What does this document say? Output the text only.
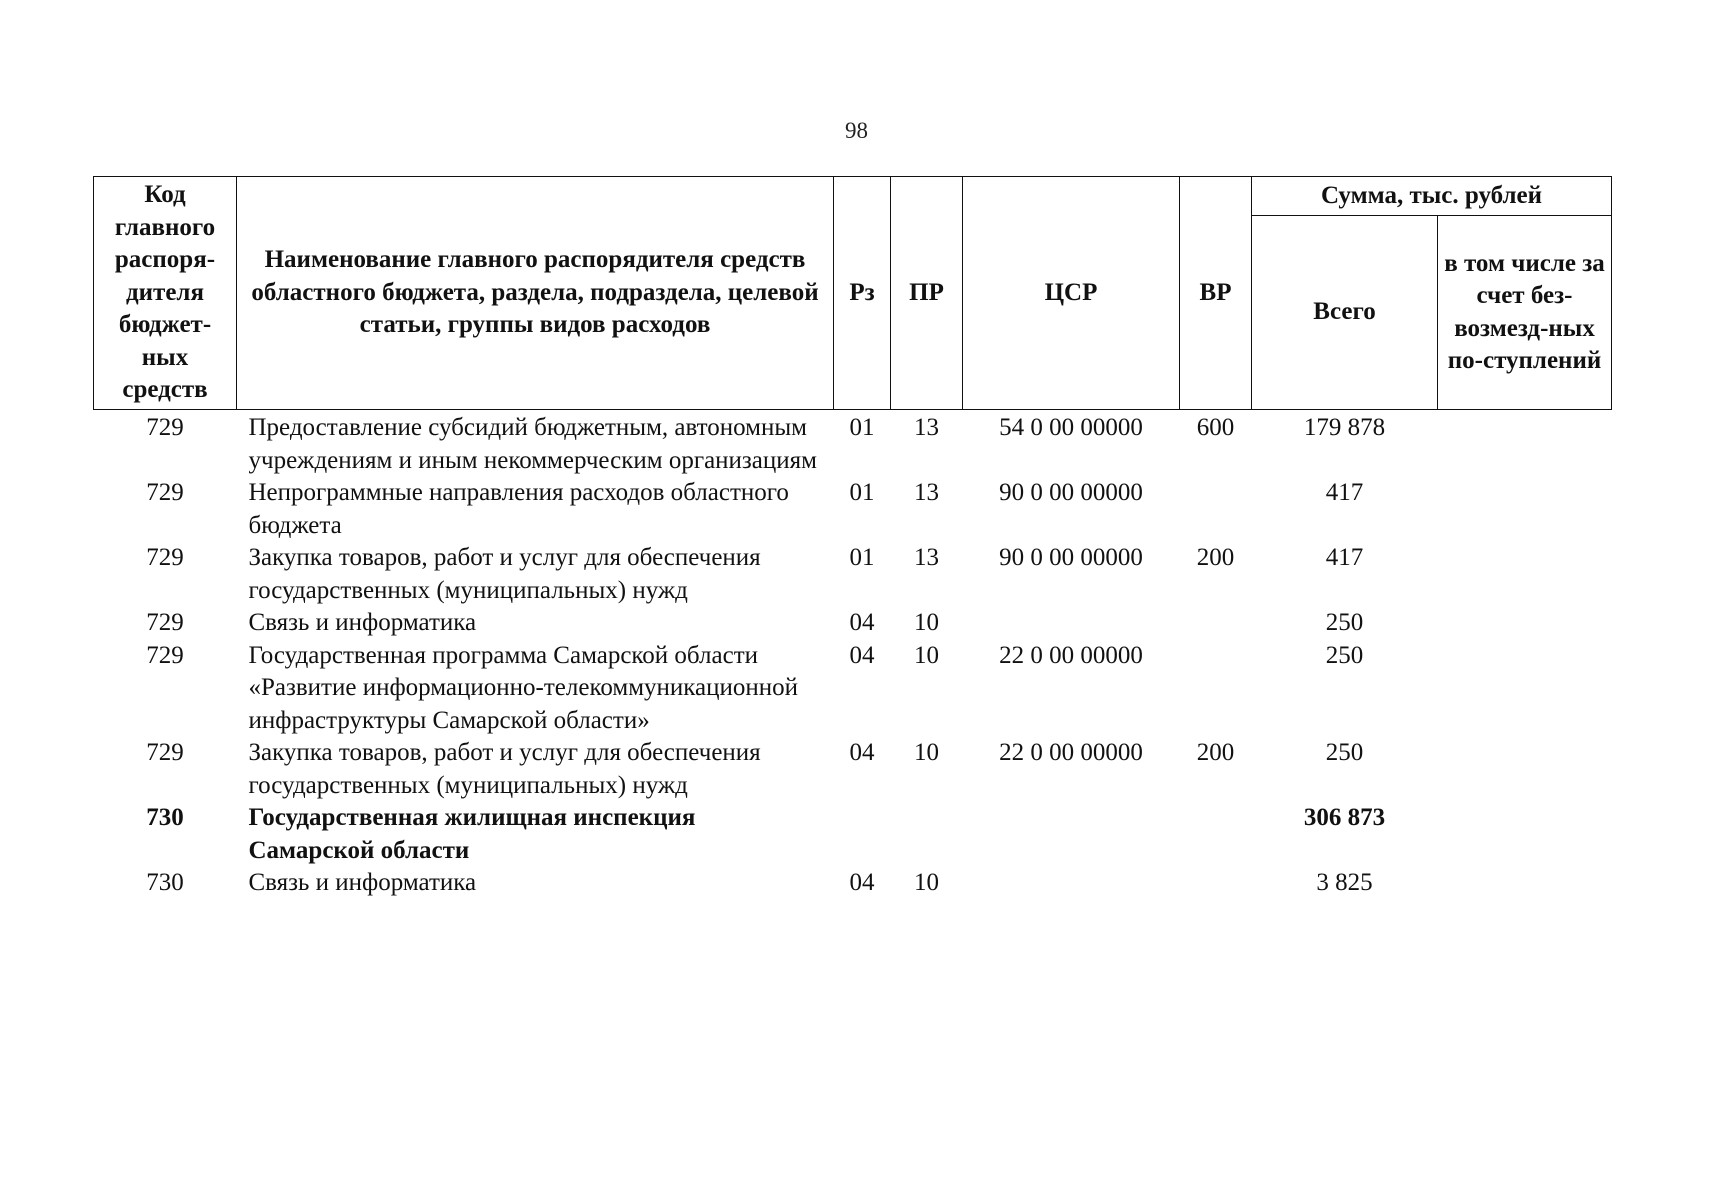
98
Код главного распоря-дителя бюджет-ных средств	Наименование главного распорядителя средств областного бюджета, раздела, подраздела, целевой статьи, группы видов расходов	Рз	ПР	ЦСР	ВР	Сумма, тыс. рублей	
						Всего	в том числе за счет без-возмезд-ных по-ступлений
729	Предоставление субсидий бюджетным, автономным учреждениям и иным некоммерческим организациям	01	13	54 0 00 00000	600	179 878	
729	Непрограммные направления расходов областного бюджета	01	13	90 0 00 00000		417	
729	Закупка товаров, работ и услуг для обеспечения государственных (муниципальных) нужд	01	13	90 0 00 00000	200	417	
729	Связь и информатика	04	10			250	
729	Государственная программа Самарской области «Развитие информационно-телекоммуникационной инфраструктуры Самарской области»	04	10	22 0 00 00000		250	
729	Закупка товаров, работ и услуг для обеспечения государственных (муниципальных) нужд	04	10	22 0 00 00000	200	250	
730	Государственная жилищная инспекция Самарской области					306 873	
730	Связь и информатика	04	10			3 825	
